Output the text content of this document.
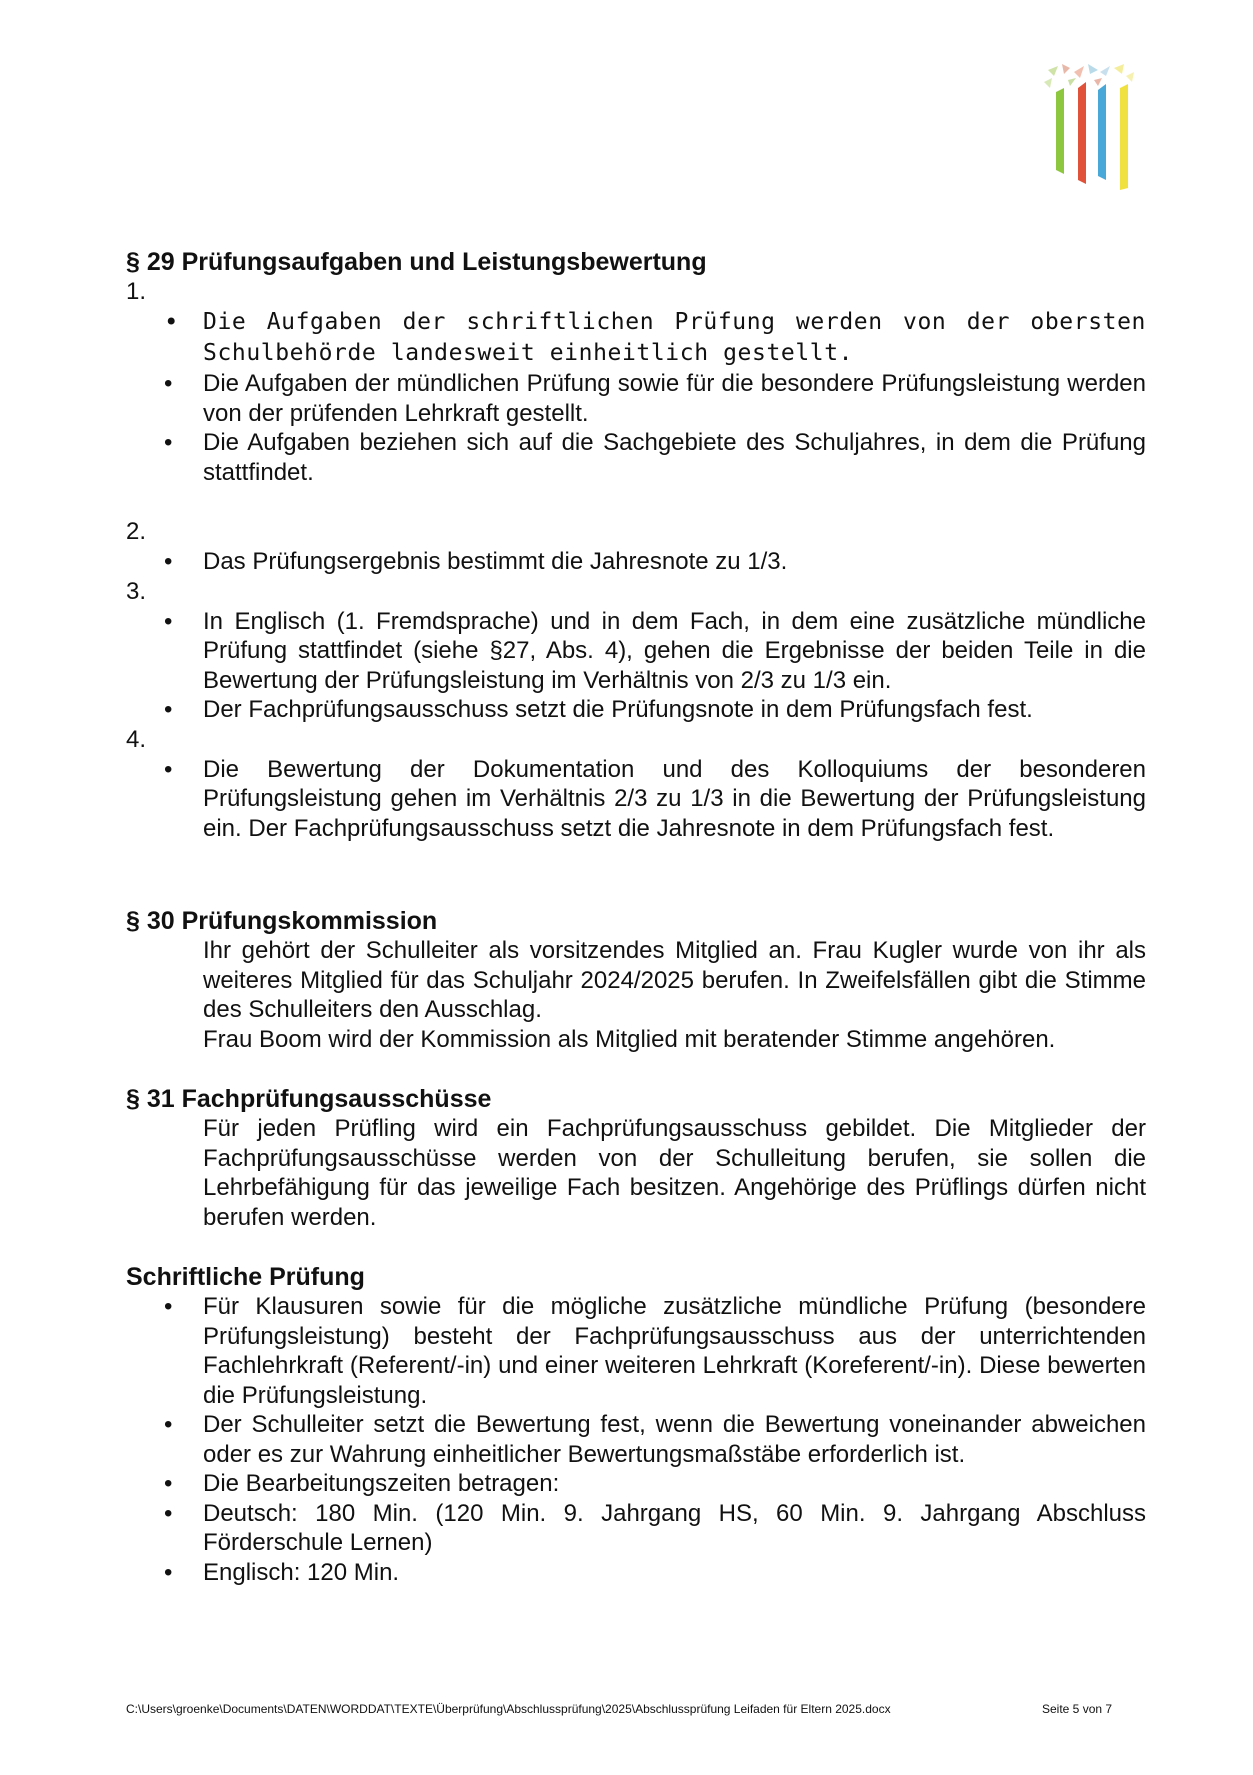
§ 29 Prüfungsaufgaben und Leistungsbewertung

1.

• Die Aufgaben der schriftlichen Prüfung werden von der obersten Schulbehörde landesweit einheitlich gestellt.
• Die Aufgaben der mündlichen Prüfung sowie für die besondere Prüfungsleistung werden von der prüfenden Lehrkraft gestellt.
• Die Aufgaben beziehen sich auf die Sachgebiete des Schuljahres, in dem die Prüfung stattfindet.

2.

• Das Prüfungsergebnis bestimmt die Jahresnote zu 1/3.

3.

• In Englisch (1. Fremdsprache) und in dem Fach, in dem eine zusätzliche mündliche Prüfung stattfindet (siehe §27, Abs. 4), gehen die Ergebnisse der beiden Teile in die Bewertung der Prüfungsleistung im Verhältnis von 2/3 zu 1/3 ein.
• Der Fachprüfungsausschuss setzt die Prüfungsnote in dem Prüfungsfach fest.

4.

• Die Bewertung der Dokumentation und des Kolloquiums der besonderen Prüfungsleistung gehen im Verhältnis 2/3 zu 1/3 in die Bewertung der Prüfungsleistung ein. Der Fachprüfungsausschuss setzt die Jahresnote in dem Prüfungsfach fest.

§ 30 Prüfungskommission

Ihr gehört der Schulleiter als vorsitzendes Mitglied an. Frau Kugler wurde von ihr als weiteres Mitglied für das Schuljahr 2024/2025 berufen. In Zweifelsfällen gibt die Stimme des Schulleiters den Ausschlag.

Frau Boom wird der Kommission als Mitglied mit beratender Stimme angehören.

§ 31 Fachprüfungsausschüsse

Für jeden Prüfling wird ein Fachprüfungsausschuss gebildet. Die Mitglieder der Fachprüfungsausschüsse werden von der Schulleitung berufen, sie sollen die Lehrbefähigung für das jeweilige Fach besitzen. Angehörige des Prüflings dürfen nicht berufen werden.

Schriftliche Prüfung

• Für Klausuren sowie für die mögliche zusätzliche mündliche Prüfung (besondere Prüfungsleistung) besteht der Fachprüfungsausschuss aus der unterrichtenden Fachlehrkraft (Referent/-in) und einer weiteren Lehrkraft (Koreferent/-in). Diese bewerten die Prüfungsleistung.
• Der Schulleiter setzt die Bewertung fest, wenn die Bewertung voneinander abweichen oder es zur Wahrung einheitlicher Bewertungsmaßstäbe erforderlich ist.
• Die Bearbeitungszeiten betragen:
• Deutsch: 180 Min. (120 Min. 9. Jahrgang HS, 60 Min. 9. Jahrgang Abschluss Förderschule Lernen)
• Englisch: 120 Min.
C:\Users\groenke\Documents\DATEN\WORDDAT\TEXTE\Überprüfung\Abschlussprüfung\2025\Abschlussprüfung Leifaden für Eltern 2025.docx	Seite 5 von 7
